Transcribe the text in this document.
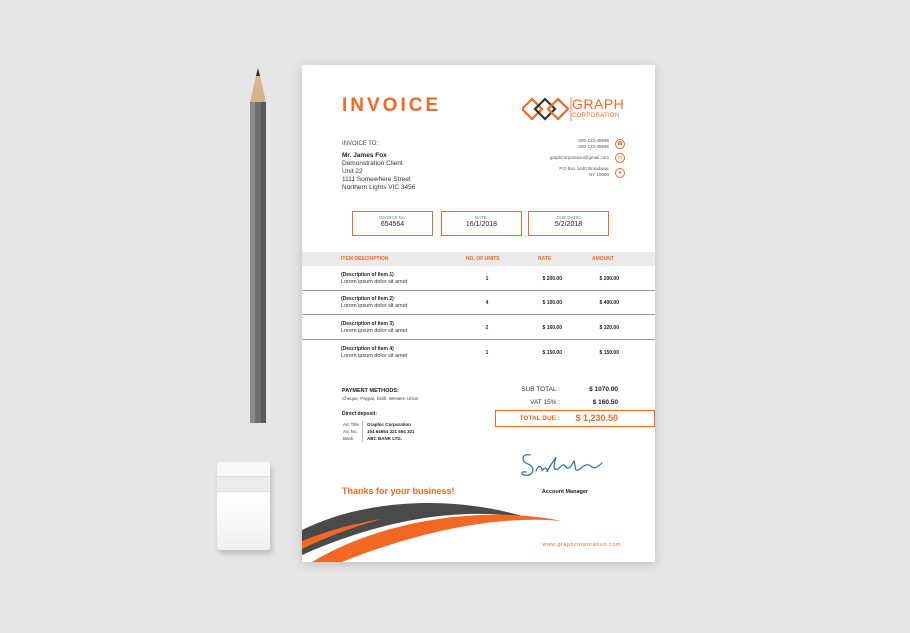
INVOICE	GRAPH
CORPORATION
INVOICE TO:
Mr. James Fox
Demonstration Client
Unit 22
1111 Somewhere Street
Northern Lights VIC 3456
000-123-45696
000-123-45696
graphcorporation@gmail.com
P.O Box 1440 Broadway,
NY 10080
☎
✉
●
INVOICE No:
654564
DATE:
16/1/2018
DUE DATE:
5/2/2018
ITEM DESCRIPTION	NO. OF UNITS	RATE	AMOUNT
(Description of Item 1)
Lorem ipsum dolor sit amet	1	$ 200.00	$ 200.00
(Description of Item 2)
Lorem ipsum dolor sit amet	4	$ 100.00	$ 400.00
(Description of Item 3)
Lorem ipsum dolor sit amet	2	$ 160.00	$ 320.00
(Description of Item 4)
Lorem ipsum dolor sit amet	1	$ 150.00	$ 150.00
PAYMENT METHODS:
Cheque, Paypal, Skrill, Western Union
Direct deposit:
A/c Title Graphic Corporation
A/c No. 154 64654 321 654 321
Bank	ABC BANK LTD.
SUB TOTAL :	$ 1070.00
VAT 15% :	$ 160.50
TOTAL DUE :	$ 1,230.50
Account Manager
Thanks for your business!
www.graphcorporation.com
